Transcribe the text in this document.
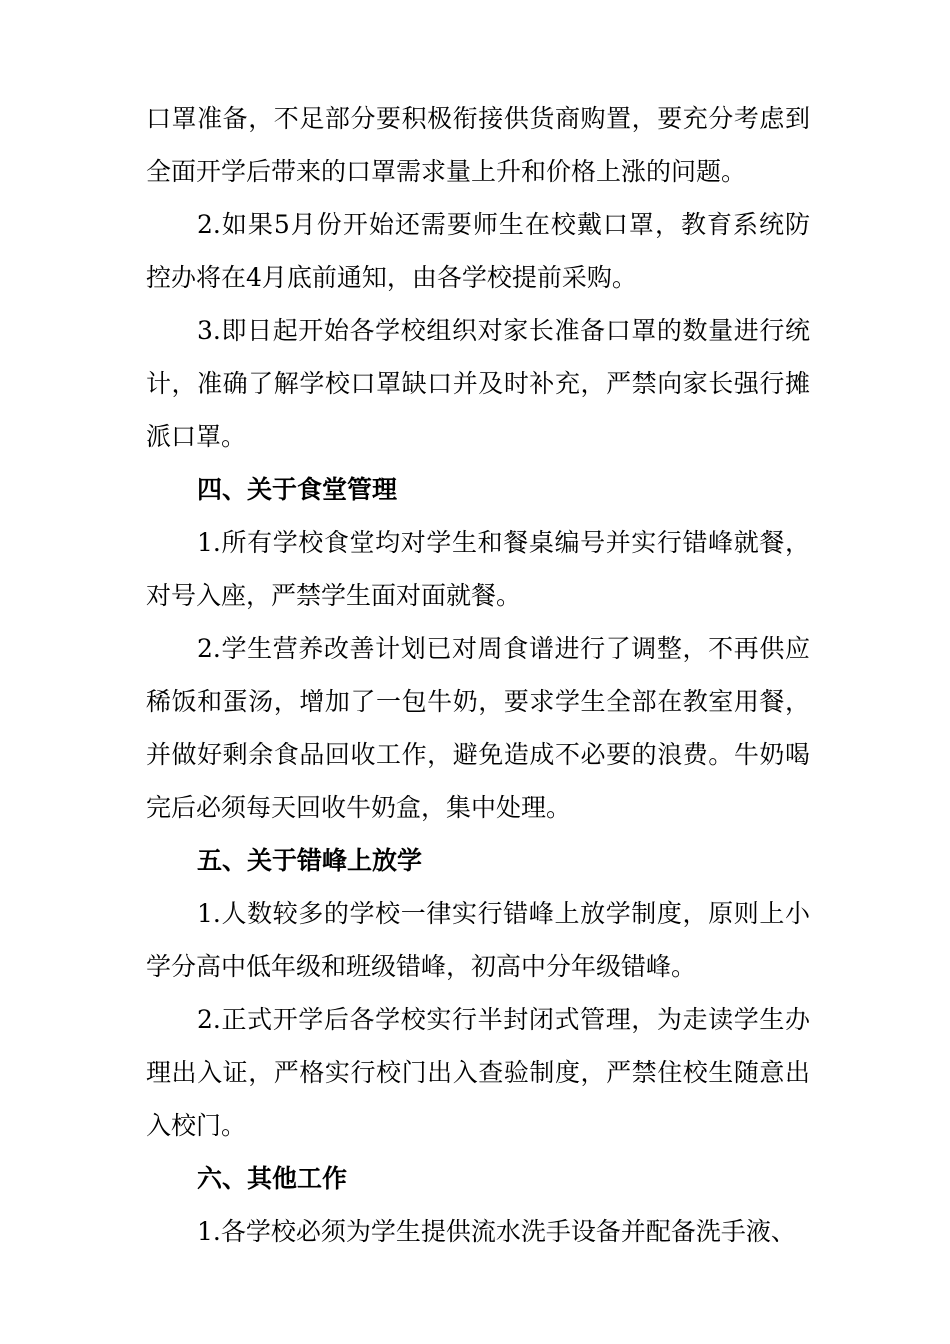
口罩准备，不足部分要积极衔接供货商购置，要充分考虑到全面开学后带来的口罩需求量上升和价格上涨的问题。

2.如果5月份开始还需要师生在校戴口罩，教育系统防控办将在4月底前通知，由各学校提前采购。

3.即日起开始各学校组织对家长准备口罩的数量进行统计，准确了解学校口罩缺口并及时补充，严禁向家长强行摊派口罩。

四、关于食堂管理

1.所有学校食堂均对学生和餐桌编号并实行错峰就餐，对号入座，严禁学生面对面就餐。

2.学生营养改善计划已对周食谱进行了调整，不再供应稀饭和蛋汤，增加了一包牛奶，要求学生全部在教室用餐，并做好剩余食品回收工作，避免造成不必要的浪费。牛奶喝完后必须每天回收牛奶盒，集中处理。

五、关于错峰上放学

1.人数较多的学校一律实行错峰上放学制度，原则上小学分高中低年级和班级错峰，初高中分年级错峰。

2.正式开学后各学校实行半封闭式管理，为走读学生办理出入证，严格实行校门出入查验制度，严禁住校生随意出入校门。

六、其他工作

1.各学校必须为学生提供流水洗手设备并配备洗手液、
